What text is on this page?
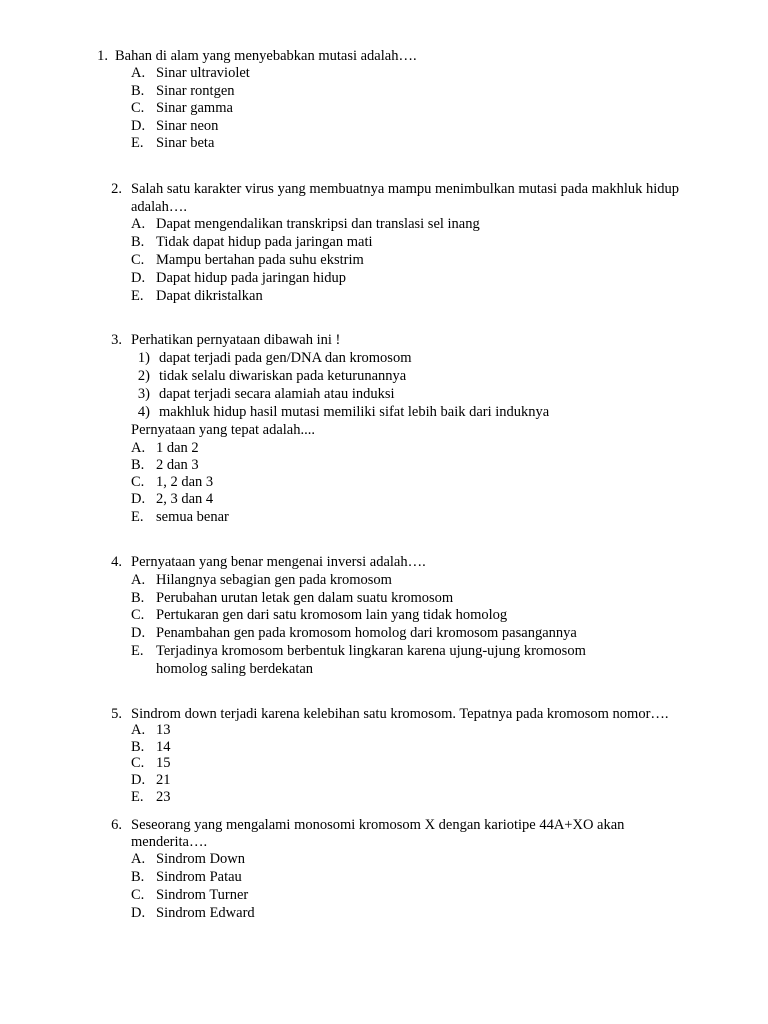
1. Bahan di alam yang menyebabkan mutasi adalah….
A. Sinar ultraviolet
B. Sinar rontgen
C. Sinar gamma
D. Sinar neon
E. Sinar beta
2. Salah satu karakter virus yang membuatnya mampu menimbulkan mutasi pada makhluk hidup
adalah….
A. Dapat mengendalikan transkripsi dan translasi sel inang
B. Tidak dapat hidup pada jaringan mati
C. Mampu bertahan pada suhu ekstrim
D. Dapat hidup pada jaringan hidup
E. Dapat dikristalkan
3. Perhatikan pernyataan dibawah ini !
1) dapat terjadi pada gen/DNA dan kromosom
2) tidak selalu diwariskan pada keturunannya
3) dapat terjadi secara alamiah atau induksi
4) makhluk hidup hasil mutasi memiliki sifat lebih baik dari induknya
Pernyataan yang tepat adalah....
A. 1 dan 2
B. 2 dan 3
C. 1, 2 dan 3
D. 2, 3 dan 4
E. semua benar
4. Pernyataan yang benar mengenai inversi adalah….
A. Hilangnya sebagian gen pada kromosom
B. Perubahan urutan letak gen dalam suatu kromosom
C. Pertukaran gen dari satu kromosom lain yang tidak homolog
D. Penambahan gen pada kromosom homolog dari kromosom pasangannya
E. Terjadinya kromosom berbentuk lingkaran karena ujung-ujung kromosom
homolog saling berdekatan
5. Sindrom down terjadi karena kelebihan satu kromosom. Tepatnya pada kromosom nomor….
A. 13
B. 14
C. 15
D. 21
E. 23
6. Seseorang yang mengalami monosomi kromosom X dengan kariotipe 44A+XO akan
menderita….
A. Sindrom Down
B. Sindrom Patau
C. Sindrom Turner
D. Sindrom Edward
